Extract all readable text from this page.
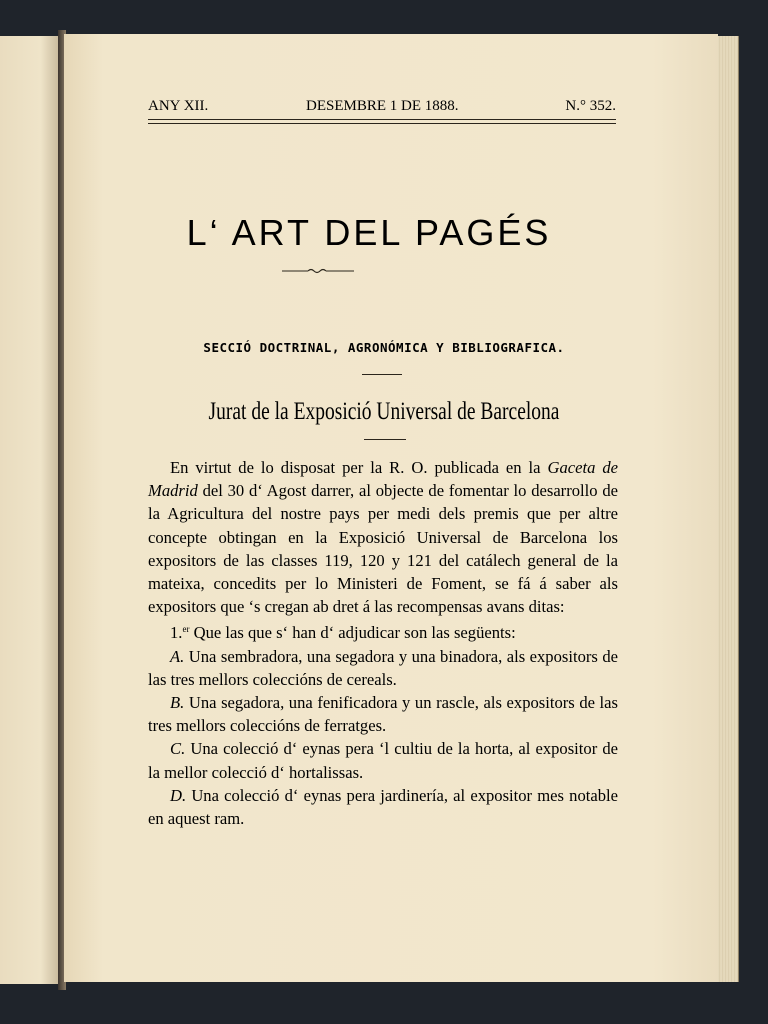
ANY XII.	DESEMBRE 1 DE 1888.	N.° 352.
L‘ ART DEL PAGÉS
SECCIÓ DOCTRINAL, AGRONÓMICA Y BIBLIOGRAFICA.
Jurat de la Exposició Universal de Barcelona

En virtut de lo disposat per la R. O. publicada en la Gaceta de Madrid del 30 d‘ Agost darrer, al objecte de fomentar lo desarrollo de la Agricultura del nostre pays per medi dels premis que per altre concepte obtingan en la Exposició Universal de Barcelona los expositors de las classes 119, 120 y 121 del catálech general de la mateixa, concedits per lo Ministeri de Foment, se fá á saber als expositors que ‘s cregan ab dret á las recompensas avans ditas:

1.$^{er}$ Que las que s‘ han d‘ adjudicar son las següents:

A. Una sembradora, una segadora y una binadora, als expositors de las tres mellors coleccións de cereals.

B. Una segadora, una fenificadora y un rascle, als expositors de las tres mellors coleccións de ferratges.

C. Una colecció d‘ eynas pera ‘l cultiu de la horta, al expositor de la mellor colecció d‘ hortalissas.

D. Una colecció d‘ eynas pera jardinería, al expositor mes notable en aquest ram.
